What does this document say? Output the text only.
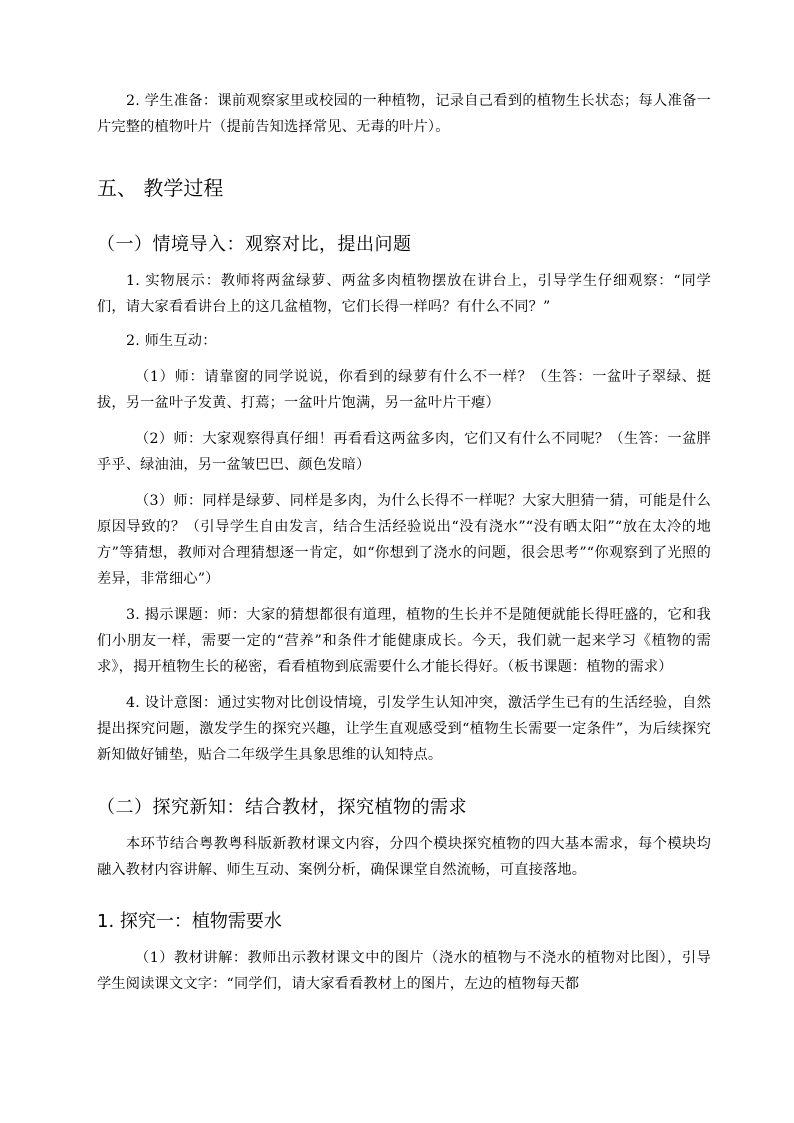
2. 学生准备：课前观察家里或校园的一种植物，记录自己看到的植物生长状态；每人准备一片完整的植物叶片（提前告知选择常见、无毒的叶片）。

五、 教学过程
（一）情境导入：观察对比，提出问题

1. 实物展示：教师将两盆绿萝、两盆多肉植物摆放在讲台上，引导学生仔细观察：“同学们，请大家看看讲台上的这几盆植物，它们长得一样吗？有什么不同？”

2. 师生互动：

（1）师：请靠窗的同学说说，你看到的绿萝有什么不一样？（生答：一盆叶子翠绿、挺拔，另一盆叶子发黄、打蔫；一盆叶片饱满，另一盆叶片干瘪）

（2）师：大家观察得真仔细！再看看这两盆多肉，它们又有什么不同呢？（生答：一盆胖乎乎、绿油油，另一盆皱巴巴、颜色发暗）

（3）师：同样是绿萝、同样是多肉，为什么长得不一样呢？大家大胆猜一猜，可能是什么原因导致的？（引导学生自由发言，结合生活经验说出“没有浇水”“没有晒太阳”“放在太冷的地方”等猜想，教师对合理猜想逐一肯定，如“你想到了浇水的问题，很会思考”“你观察到了光照的差异，非常细心”）

3. 揭示课题：师：大家的猜想都很有道理，植物的生长并不是随便就能长得旺盛的，它和我们小朋友一样，需要一定的“营养”和条件才能健康成长。今天，我们就一起来学习《植物的需求》，揭开植物生长的秘密，看看植物到底需要什么才能长得好。（板书课题：植物的需求）

4. 设计意图：通过实物对比创设情境，引发学生认知冲突，激活学生已有的生活经验，自然提出探究问题，激发学生的探究兴趣，让学生直观感受到“植物生长需要一定条件”，为后续探究新知做好铺垫，贴合二年级学生具象思维的认知特点。

（二）探究新知：结合教材，探究植物的需求

本环节结合粤教粤科版新教材课文内容，分四个模块探究植物的四大基本需求，每个模块均融入教材内容讲解、师生互动、案例分析，确保课堂自然流畅，可直接落地。

1. 探究一：植物需要水

（1）教材讲解：教师出示教材课文中的图片（浇水的植物与不浇水的植物对比图），引导学生阅读课文文字：“同学们，请大家看看教材上的图片，左边的植物每天都
